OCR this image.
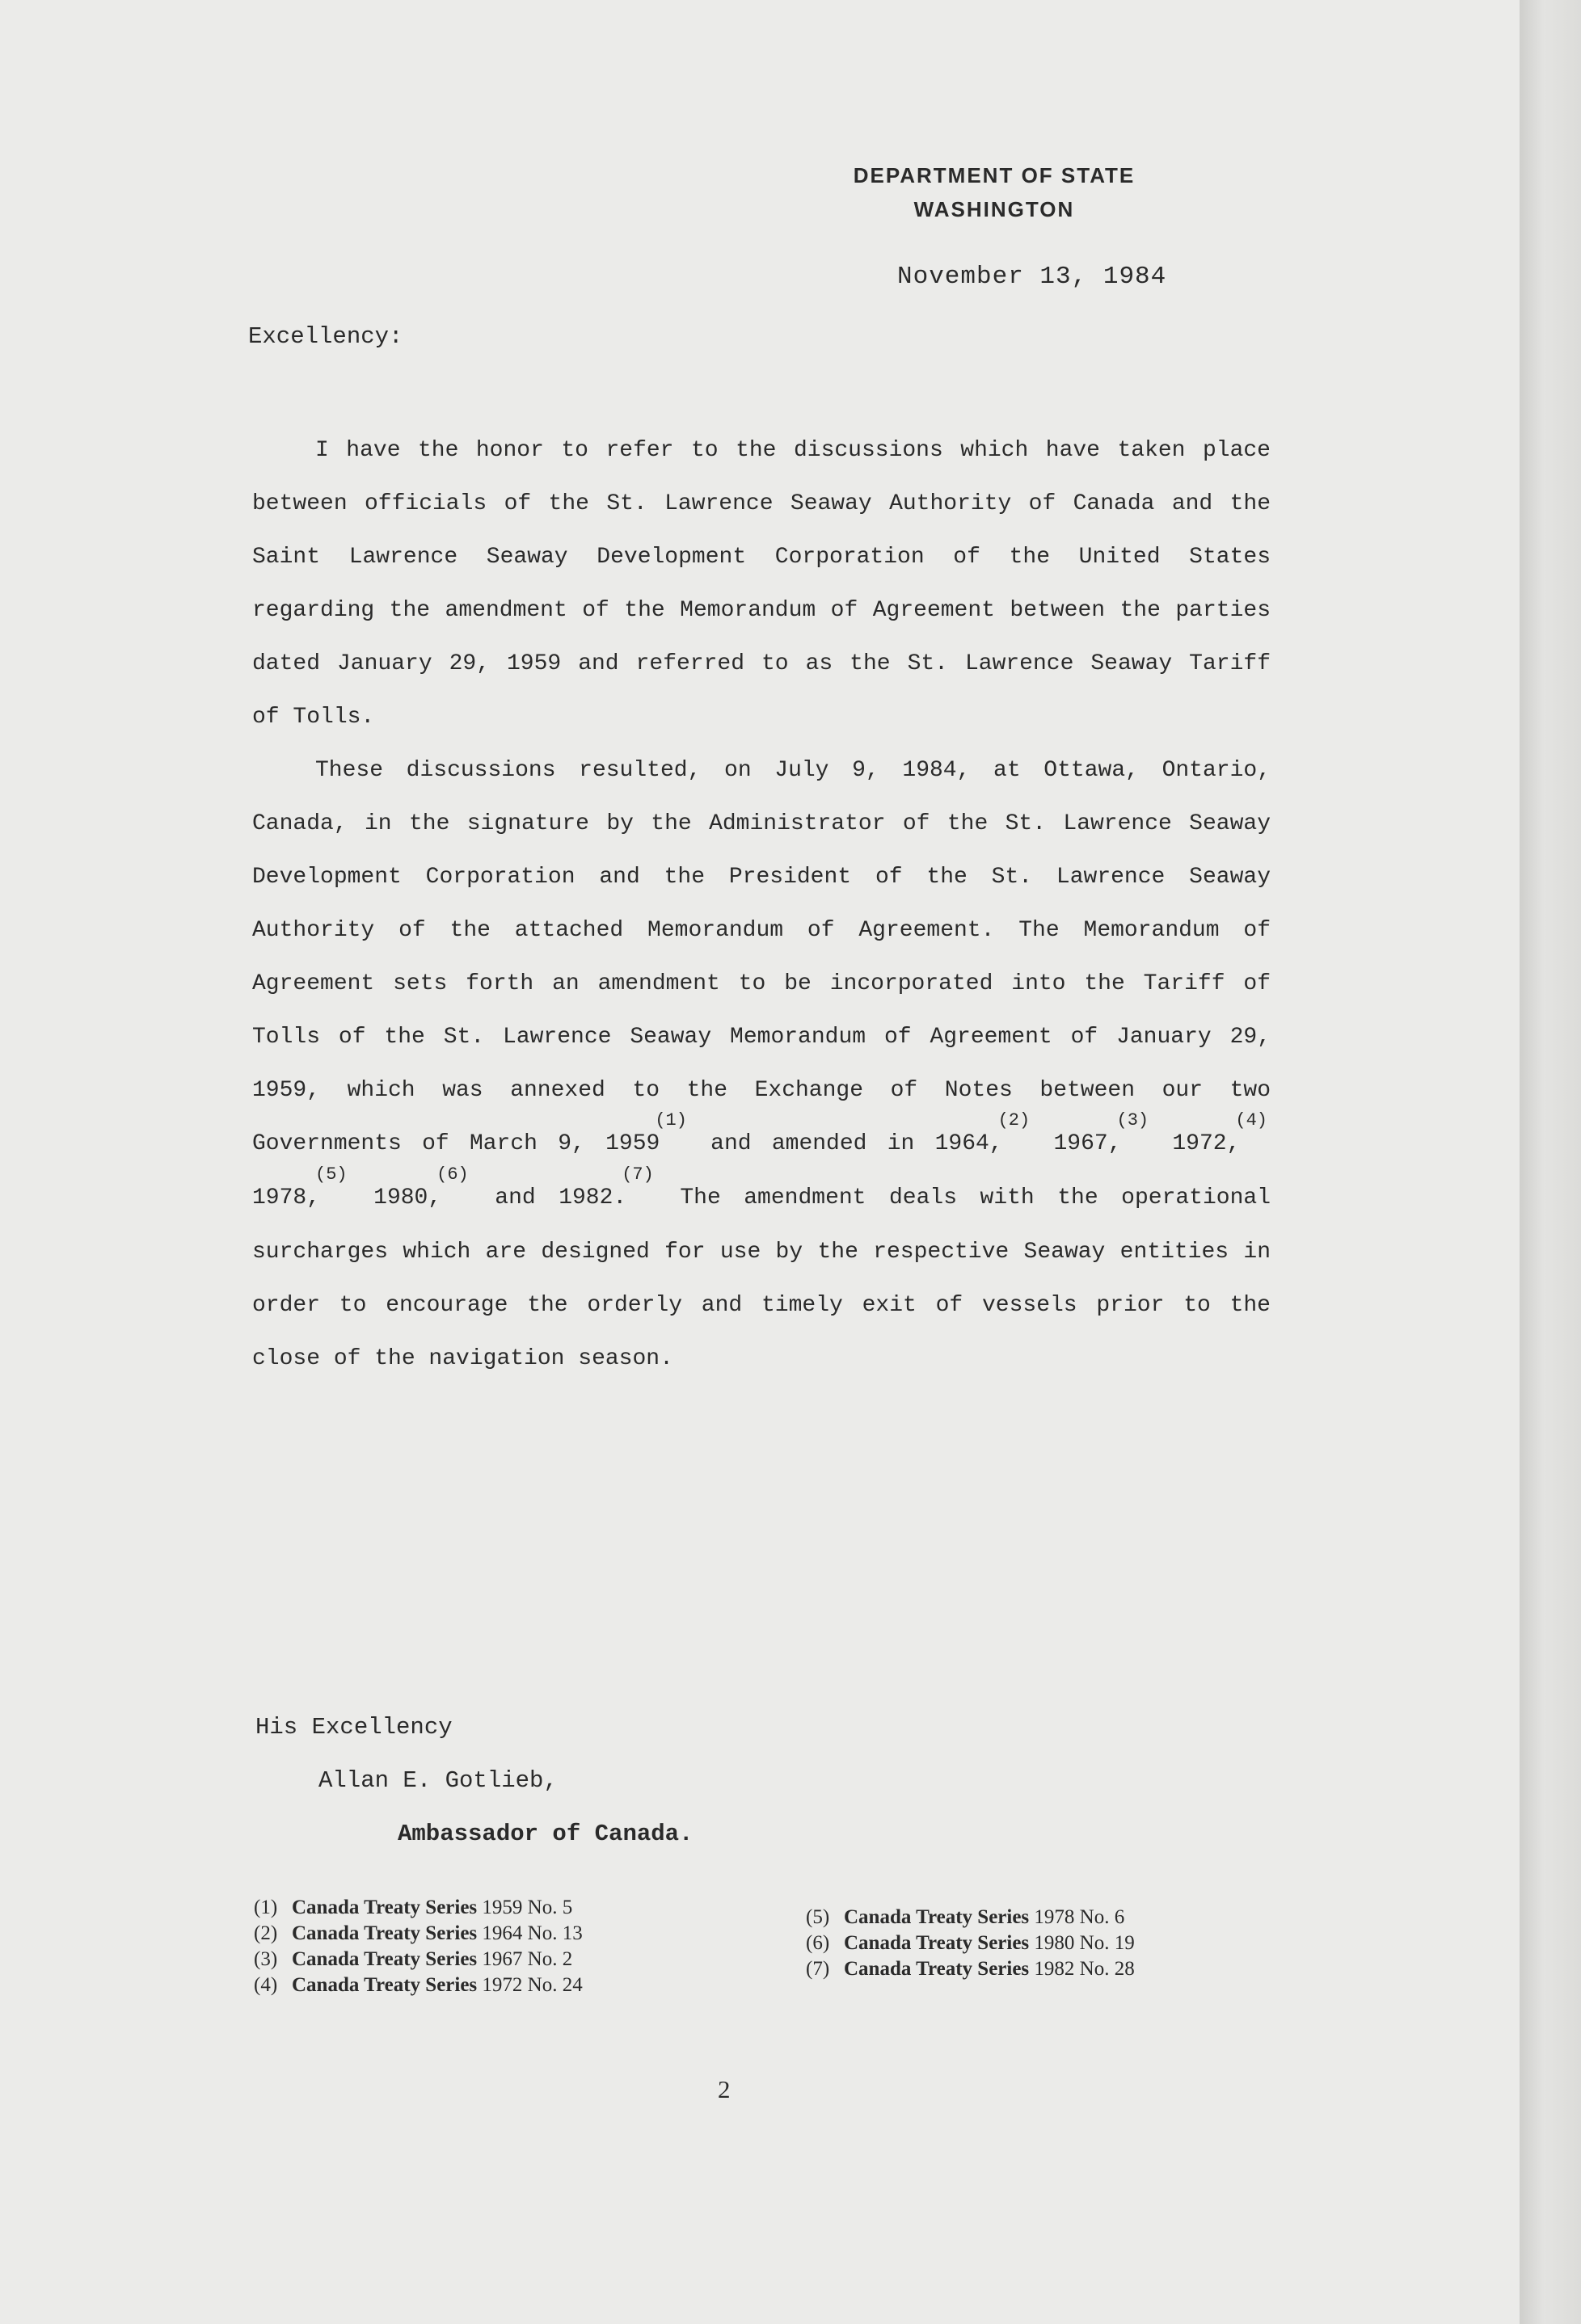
DEPARTMENT OF STATE
WASHINGTON
November 13, 1984
Excellency:

I have the honor to refer to the discussions which have taken place between officials of the St. Lawrence Seaway Authority of Canada and the Saint Lawrence Seaway Development Corporation of the United States regarding the amendment of the Memorandum of Agreement between the parties dated January 29, 1959 and referred to as the St. Lawrence Seaway Tariff of Tolls.

These discussions resulted, on July 9, 1984, at Ottawa, Ontario, Canada, in the signature by the Administrator of the St. Lawrence Seaway Development Corporation and the President of the St. Lawrence Seaway Authority of the attached Memorandum of Agreement. The Memorandum of Agreement sets forth an amendment to be incorporated into the Tariff of Tolls of the St. Lawrence Seaway Memorandum of Agreement of January 29, 1959, which was annexed to the Exchange of Notes between our two Governments of March 9, 1959$^{(1)}$ and amended in 1964,$^{(2)}$ 1967,$^{(3)}$ 1972,$^{(4)}$ 1978,$^{(5)}$ 1980,$^{(6)}$ and 1982.$^{(7)}$ The amendment deals with the operational surcharges which are designed for use by the respective Seaway entities in order to encourage the orderly and timely exit of vessels prior to the close of the navigation season.

His Excellency
Allan E. Gotlieb,
Ambassador of Canada.
(1) Canada Treaty Series 1959 No. 5
(2) Canada Treaty Series 1964 No. 13
(3) Canada Treaty Series 1967 No. 2
(4) Canada Treaty Series 1972 No. 24
(5) Canada Treaty Series 1978 No. 6
(6) Canada Treaty Series 1980 No. 19
(7) Canada Treaty Series 1982 No. 28
2
